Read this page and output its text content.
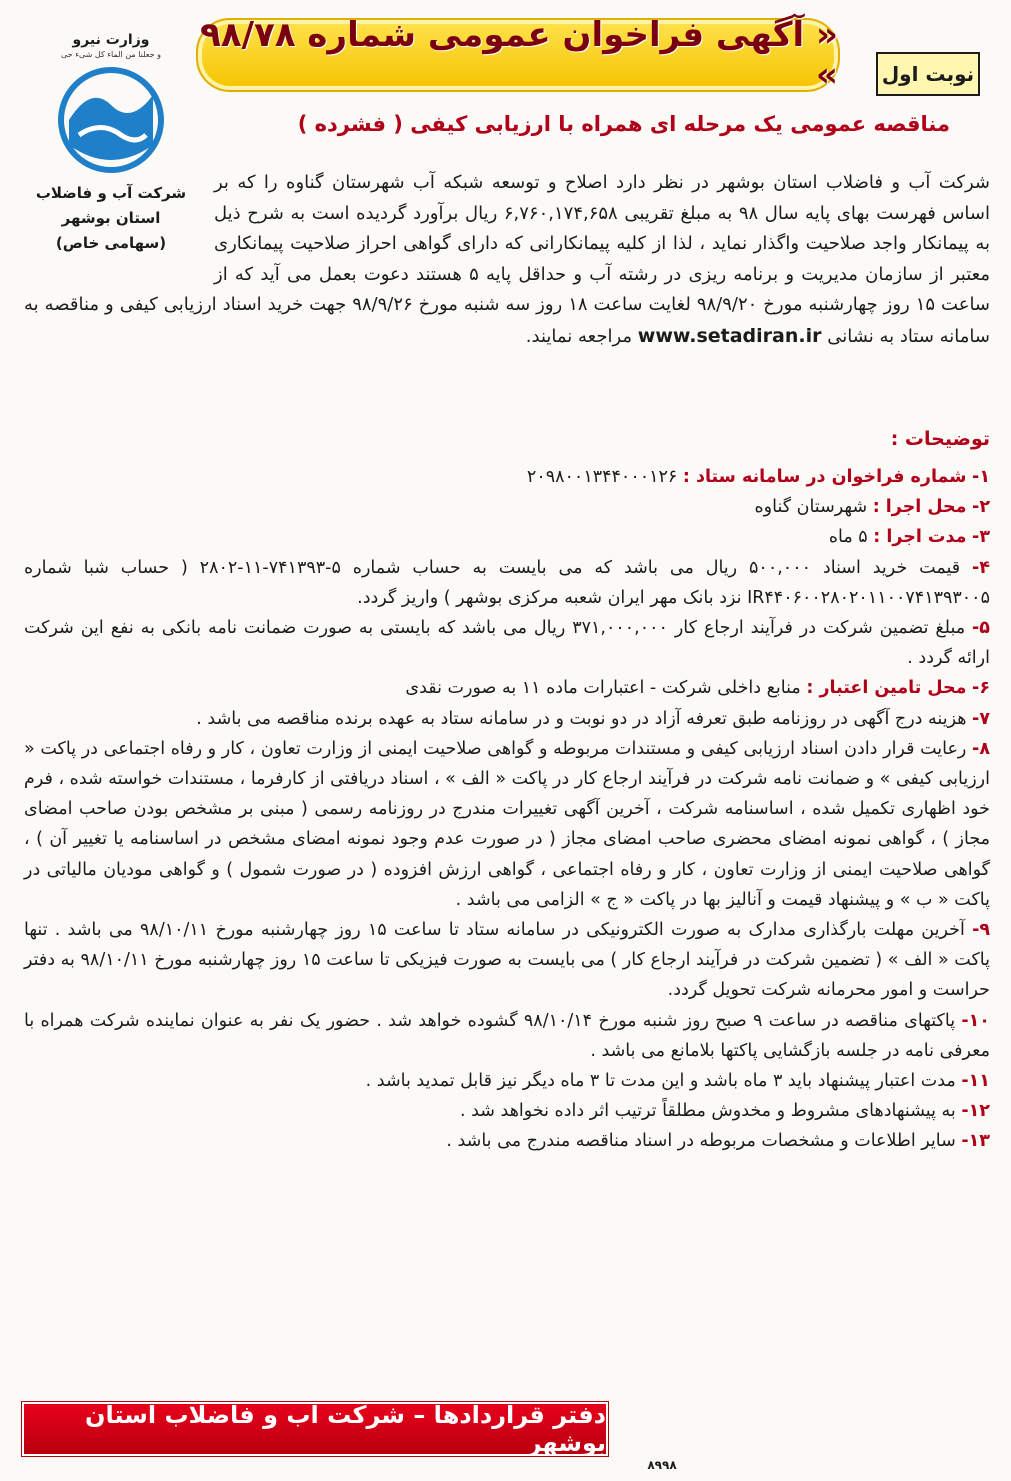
وزارت نیرو
و جعلنا من الماء کل شیء حی
شرکت آب و فاضلاب
استان بوشهر
(سهامی خاص)
« آگهی فراخوان عمومی شماره ۹۸/۷۸ » نوبت اول
مناقصه عمومی یک مرحله ای همراه با ارزیابی کیفی ( فشرده )
شرکت آب و فاضلاب استان بوشهر در نظر دارد اصلاح و توسعه شبکه آب شهرستان گناوه را که بر اساس فهرست بهای پایه سال ۹۸ به مبلغ تقریبی ۶,۷۶۰,۱۷۴,۶۵۸ ریال برآورد گردیده است به شرح ذیل به پیمانکار واجد صلاحیت واگذار نماید ، لذا از کلیه پیمانکارانی که دارای گواهی احراز صلاحیت پیمانکاری معتبر از سازمان مدیریت و برنامه ریزی در رشته آب و حداقل پایه ۵ هستند دعوت بعمل می آید که از ساعت ۱۵ روز چهارشنبه مورخ ۹۸/۹/۲۰ لغایت ساعت ۱۸ روز سه شنبه مورخ ۹۸/۹/۲۶ جهت خرید اسناد ارزیابی کیفی و مناقصه به سامانه ستاد به نشانی www.setadiran.ir مراجعه نمایند.
توضیحات :

۱- شماره فراخوان در سامانه ستاد : ۲۰۹۸۰۰۱۳۴۴۰۰۰۱۲۶

۲- محل اجرا : شهرستان گناوه

۳- مدت اجرا : ۵ ماه

۴- قیمت خرید اسناد ۵۰۰,۰۰۰ ریال می باشد که می بایست به حساب شماره ۵-۷۴۱۳۹۳-۱۱-۲۸۰۲ ( حساب شبا شماره IR۴۴۰۶۰۰۲۸۰۲۰۱۱۰۰۷۴۱۳۹۳۰۰۵ نزد بانک مهر ایران شعبه مرکزی بوشهر ) واریز گردد.

۵- مبلغ تضمین شرکت در فرآیند ارجاع کار ۳۷۱,۰۰۰,۰۰۰ ریال می باشد که بایستی به صورت ضمانت نامه بانکی به نفع این شرکت ارائه گردد .

۶- محل تامین اعتبار : منابع داخلی شرکت - اعتبارات ماده ۱۱ به صورت نقدی

۷- هزینه درج آگهی در روزنامه طبق تعرفه آزاد در دو نوبت و در سامانه ستاد به عهده برنده مناقصه می باشد .

۸- رعایت قرار دادن اسناد ارزیابی کیفی و مستندات مربوطه و گواهی صلاحیت ایمنی از وزارت تعاون ، کار و رفاه اجتماعی در پاکت « ارزیابی کیفی » و ضمانت نامه شرکت در فرآیند ارجاع کار در پاکت « الف » ، اسناد دریافتی از کارفرما ، مستندات خواسته شده ، فرم خود اظهاری تکمیل شده ، اساسنامه شرکت ، آخرین آگهی تغییرات مندرج در روزنامه رسمی ( مبنی بر مشخص بودن صاحب امضای مجاز ) ، گواهی نمونه امضای محضری صاحب امضای مجاز ( در صورت عدم وجود نمونه امضای مشخص در اساسنامه یا تغییر آن ) ، گواهی صلاحیت ایمنی از وزارت تعاون ، کار و رفاه اجتماعی ، گواهی ارزش افزوده ( در صورت شمول ) و گواهی مودیان مالیاتی در پاکت « ب » و پیشنهاد قیمت و آنالیز بها در پاکت « ج » الزامی می باشد .

۹- آخرین مهلت بارگذاری مدارک به صورت الکترونیکی در سامانه ستاد تا ساعت ۱۵ روز چهارشنبه مورخ ۹۸/۱۰/۱۱ می باشد . تنها پاکت « الف » ( تضمین شرکت در فرآیند ارجاع کار ) می بایست به صورت فیزیکی تا ساعت ۱۵ روز چهارشنبه مورخ ۹۸/۱۰/۱۱ به دفتر حراست و امور محرمانه شرکت تحویل گردد.

۱۰- پاکتهای مناقصه در ساعت ۹ صبح روز شنبه مورخ ۹۸/۱۰/۱۴ گشوده خواهد شد . حضور یک نفر به عنوان نماینده شرکت همراه با معرفی نامه در جلسه بازگشایی پاکتها بلامانع می باشد .

۱۱- مدت اعتبار پیشنهاد باید ۳ ماه باشد و این مدت تا ۳ ماه دیگر نیز قابل تمدید باشد .

۱۲- به پیشنهادهای مشروط و مخدوش مطلقاً ترتیب اثر داده نخواهد شد .

۱۳- سایر اطلاعات و مشخصات مربوطه در اسناد مناقصه مندرج می باشد .

دفتر قراردادها – شرکت آب و فاضلاب استان بوشهر
۸۹۹۸
